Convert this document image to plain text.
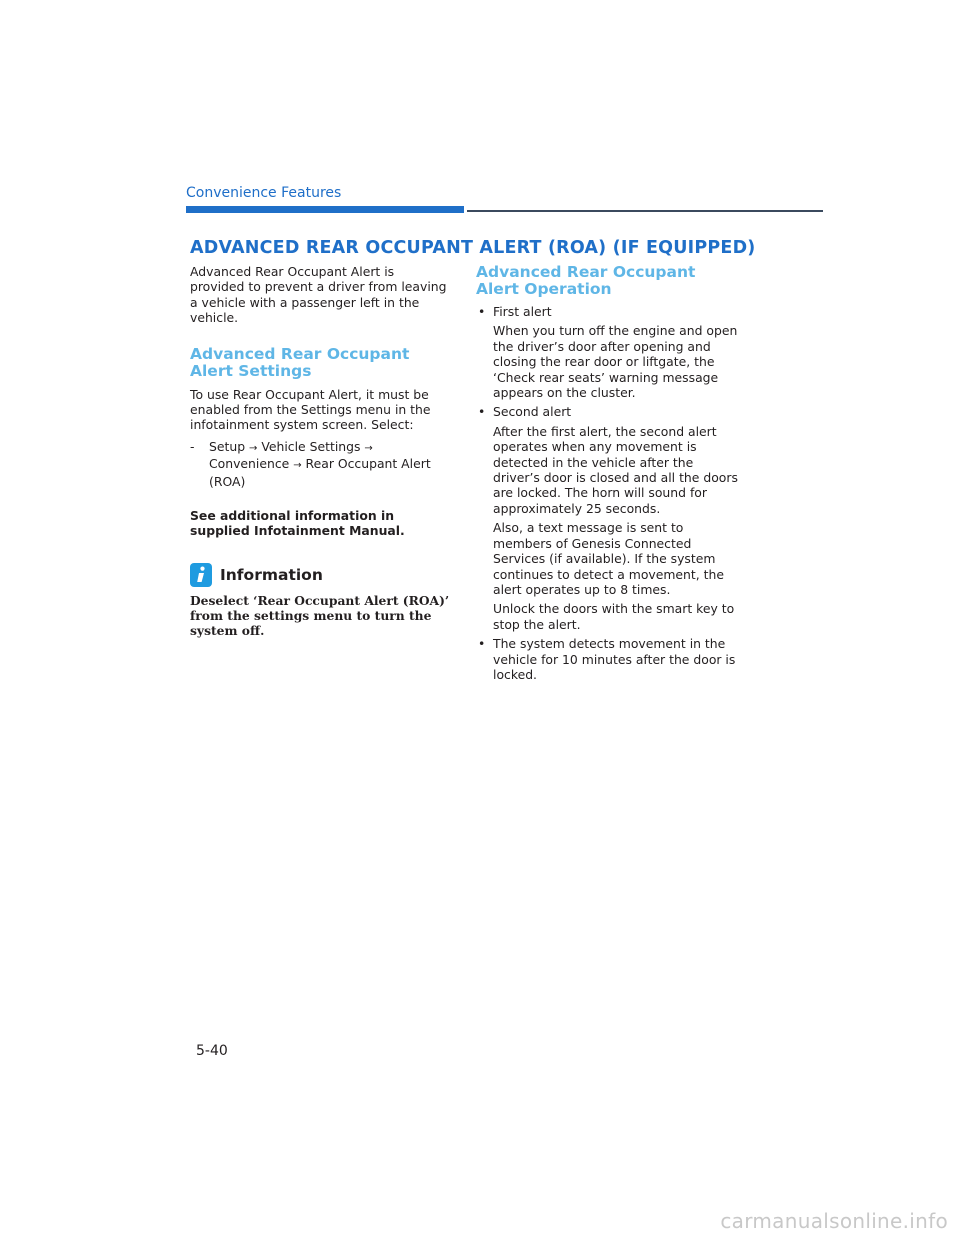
Convenience Features
ADVANCED REAR OCCUPANT ALERT (ROA) (IF EQUIPPED)

Advanced Rear Occupant Alert is provided to prevent a driver from leaving a vehicle with a passenger left in the vehicle.

Advanced Rear Occupant Alert Settings

To use Rear Occupant Alert, it must be enabled from the Settings menu in the infotainment system screen. Select:

-	Setup → Vehicle Settings → Convenience → Rear Occupant Alert (ROA)

See additional information in supplied Infotainment Manual.

Information

Deselect ‘Rear Occupant Alert (ROA)’ from the settings menu to turn the system off.

Advanced Rear Occupant Alert Operation
• First alert

When you turn off the engine and open the driver’s door after opening and closing the rear door or liftgate, the ‘Check rear seats’ warning message appears on the cluster.

• Second alert

After the first alert, the second alert operates when any movement is detected in the vehicle after the driver’s door is closed and all the doors are locked. The horn will sound for approximately 25 seconds.

Also, a text message is sent to members of Genesis Connected Services (if available). If the system continues to detect a movement, the alert operates up to 8 times.

Unlock the doors with the smart key to stop the alert.

• The system detects movement in the vehicle for 10 minutes after the door is locked.
5-40
carmanualsonline.info
